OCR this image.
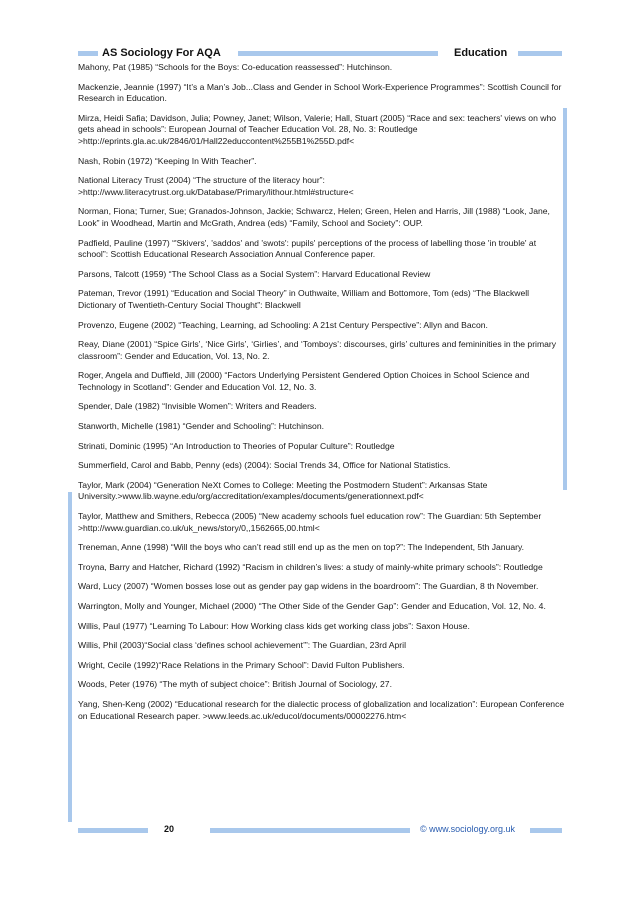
AS Sociology For AQA	Education

Mahony, Pat (1985) “Schools for the Boys: Co-education reassessed”: Hutchinson.

Mackenzie, Jeannie (1997) “It’s a Man’s Job...Class and Gender in School Work-Experience Programmes”: Scottish Council for Research in Education.

Mirza, Heidi Safia; Davidson, Julia; Powney, Janet; Wilson, Valerie; Hall, Stuart (2005) “Race and sex: teachers' views on who gets ahead in schools”: European Journal of Teacher Education Vol. 28, No. 3: Routledge
>http://eprints.gla.ac.uk/2846/01/Hall22educcontent%255B1%255D.pdf<

Nash, Robin (1972) “Keeping In With Teacher”.

National Literacy Trust (2004) “The structure of the literacy hour”:
>http://www.literacytrust.org.uk/Database/Primary/lithour.html#structure<

Norman, Fiona; Turner, Sue; Granados-Johnson, Jackie; Schwarcz, Helen; Green, Helen and Harris, Jill (1988) “Look, Jane, Look” in Woodhead, Martin and McGrath, Andrea (eds) “Family, School and Society”: OUP.

Padfield, Pauline (1997) “'Skivers', 'saddos' and 'swots': pupils' perceptions of the process of labelling those 'in trouble' at school”: Scottish Educational Research Association Annual Conference paper.

Parsons, Talcott (1959) “The School Class as a Social System”: Harvard Educational Review

Pateman, Trevor (1991) “Education and Social Theory” in Outhwaite, William and Bottomore, Tom (eds) “The Blackwell Dictionary of Twentieth-Century Social Thought”: Blackwell

Provenzo, Eugene (2002) “Teaching, Learning, ad Schooling: A 21st Century Perspective”: Allyn and Bacon.

Reay, Diane (2001) “Spice Girls’, ‘Nice Girls’, ‘Girlies’, and ‘Tomboys’: discourses, girls’ cultures and femininities in the primary classroom”: Gender and Education, Vol. 13, No. 2.

Roger, Angela and Duffield, Jill (2000) “Factors Underlying Persistent Gendered Option Choices in School Science and Technology in Scotland”: Gender and Education Vol. 12, No. 3.

Spender, Dale (1982) “Invisible Women”: Writers and Readers.

Stanworth, Michelle (1981) “Gender and Schooling”: Hutchinson.

Strinati, Dominic (1995) “An Introduction to Theories of Popular Culture”: Routledge

Summerfield, Carol and Babb, Penny (eds) (2004): Social Trends 34, Office for National Statistics.

Taylor, Mark (2004) “Generation NeXt Comes to College: Meeting the Postmodern Student”: Arkansas State University.>www.lib.wayne.edu/org/accreditation/examples/documents/generationnext.pdf<

Taylor, Matthew and Smithers, Rebecca (2005) “New academy schools fuel education row”: The Guardian: 5th September >http://www.guardian.co.uk/uk_news/story/0,,1562665,00.html<

Treneman, Anne (1998) “Will the boys who can’t read still end up as the men on top?”: The Independent, 5th January.

Troyna, Barry and Hatcher, Richard (1992) “Racism in children’s lives: a study of mainly-white primary schools”: Routledge

Ward, Lucy (2007) “Women bosses lose out as gender pay gap widens in the boardroom”: The Guardian, 8 th November.

Warrington, Molly and Younger, Michael (2000) “The Other Side of the Gender Gap”: Gender and Education, Vol. 12, No. 4.

Willis, Paul (1977) “Learning To Labour: How Working class kids get working class jobs”: Saxon House.

Willis, Phil (2003)“Social class ‘defines school achievement’”: The Guardian, 23rd April

Wright, Cecile (1992)“Race Relations in the Primary School”: David Fulton Publishers.

Woods, Peter (1976) “The myth of subject choice”: British Journal of Sociology, 27.

Yang, Shen-Keng (2002) “Educational research for the dialectic process of globalization and localization”: European Conference on Educational Research paper. >www.leeds.ac.uk/educol/documents/00002276.htm<

20	© www.sociology.org.uk
